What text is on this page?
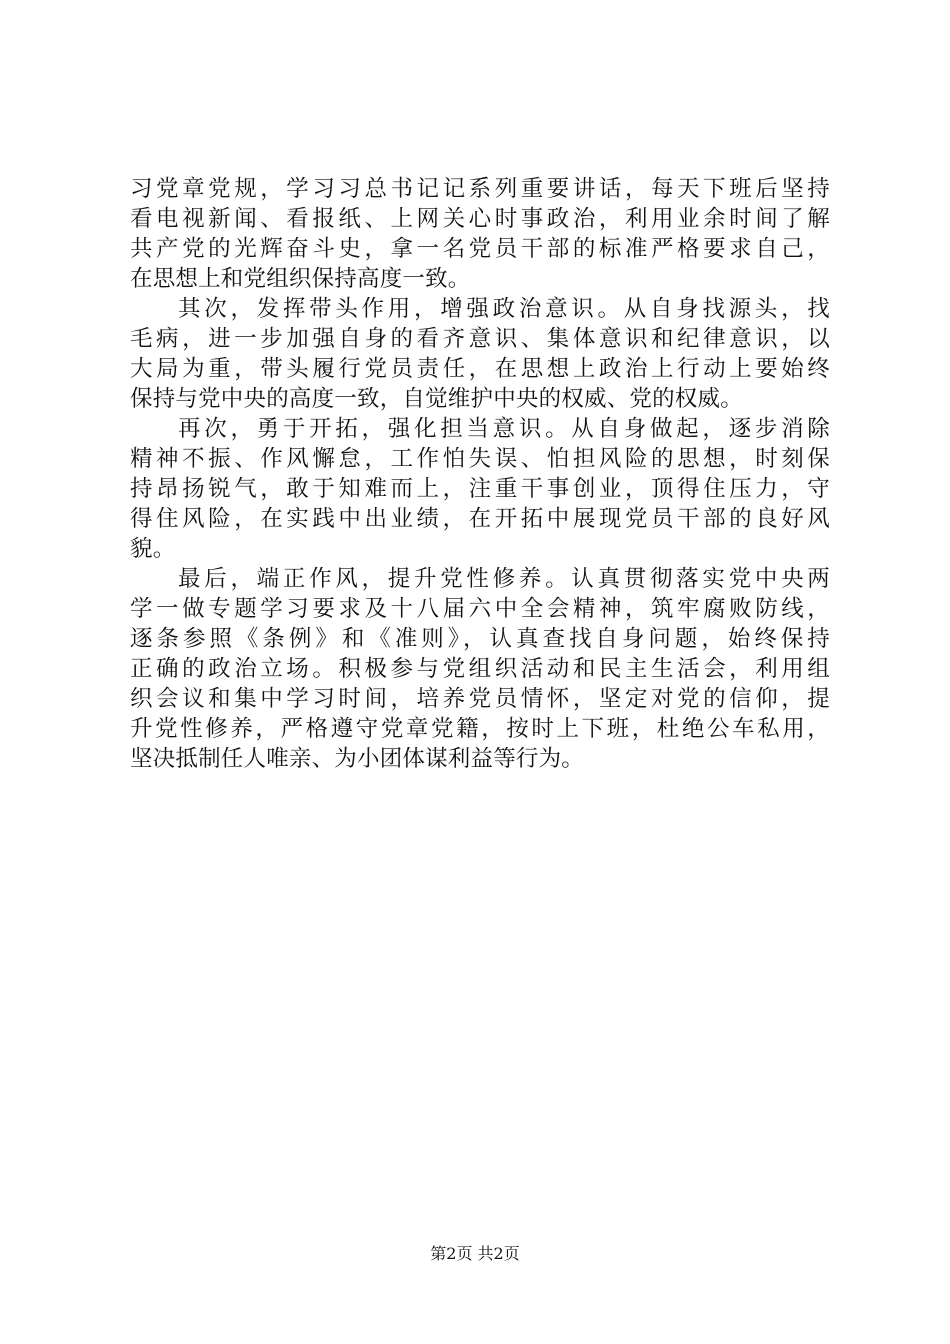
习党章党规，学习习总书记记系列重要讲话，每天下班后坚持
看电视新闻、看报纸、上网关心时事政治，利用业余时间了解
共产党的光辉奋斗史，拿一名党员干部的标准严格要求自己，
在思想上和党组织保持高度一致。
其次，发挥带头作用，增强政治意识。从自身找源头，找
毛病，进一步加强自身的看齐意识、集体意识和纪律意识，以
大局为重，带头履行党员责任，在思想上政治上行动上要始终
保持与党中央的高度一致，自觉维护中央的权威、党的权威。
再次，勇于开拓，强化担当意识。从自身做起，逐步消除
精神不振、作风懈怠，工作怕失误、怕担风险的思想，时刻保
持昂扬锐气，敢于知难而上，注重干事创业，顶得住压力，守
得住风险，在实践中出业绩，在开拓中展现党员干部的良好风
貌。
最后，端正作风，提升党性修养。认真贯彻落实党中央两
学一做专题学习要求及十八届六中全会精神，筑牢腐败防线，
逐条参照《条例》和《准则》，认真查找自身问题，始终保持
正确的政治立场。积极参与党组织活动和民主生活会，利用组
织会议和集中学习时间，培养党员情怀，坚定对党的信仰，提
升党性修养，严格遵守党章党籍，按时上下班，杜绝公车私用，
坚决抵制任人唯亲、为小团体谋利益等行为。
第2页 共2页
